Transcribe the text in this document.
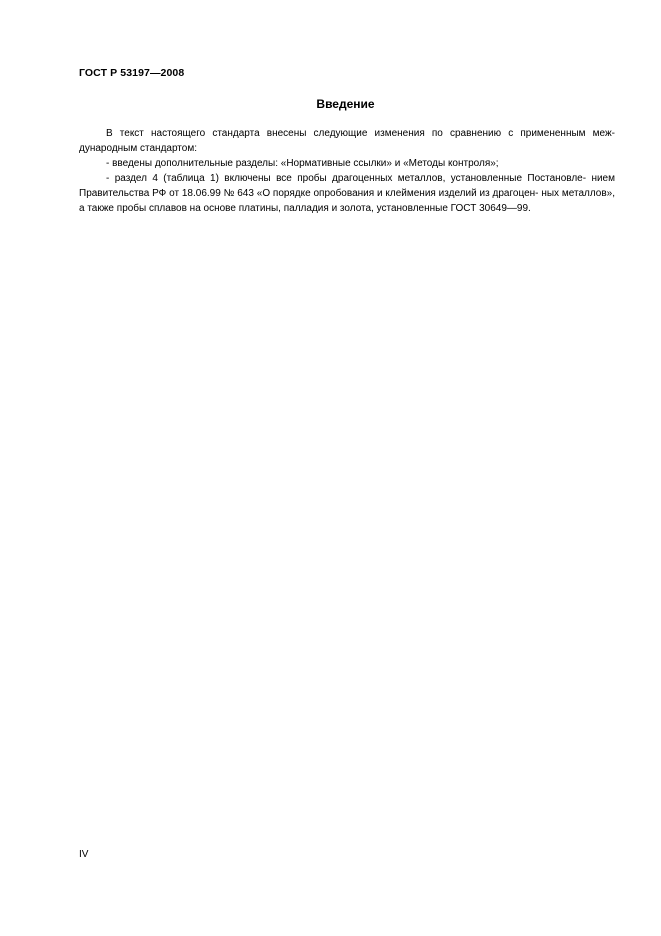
ГОСТ Р 53197—2008
Введение

В текст настоящего стандарта внесены следующие изменения по сравнению с примененным меж- дународным стандартом:

- введены дополнительные разделы: «Нормативные ссылки» и «Методы контроля»;

- раздел 4 (таблица 1) включены все пробы драгоценных металлов, установленные Постановле- нием Правительства РФ от 18.06.99 № 643 «О порядке опробования и клеймения изделий из драгоцен- ных металлов», а также пробы сплавов на основе платины, палладия и золота, установленные ГОСТ 30649—99.

IV
